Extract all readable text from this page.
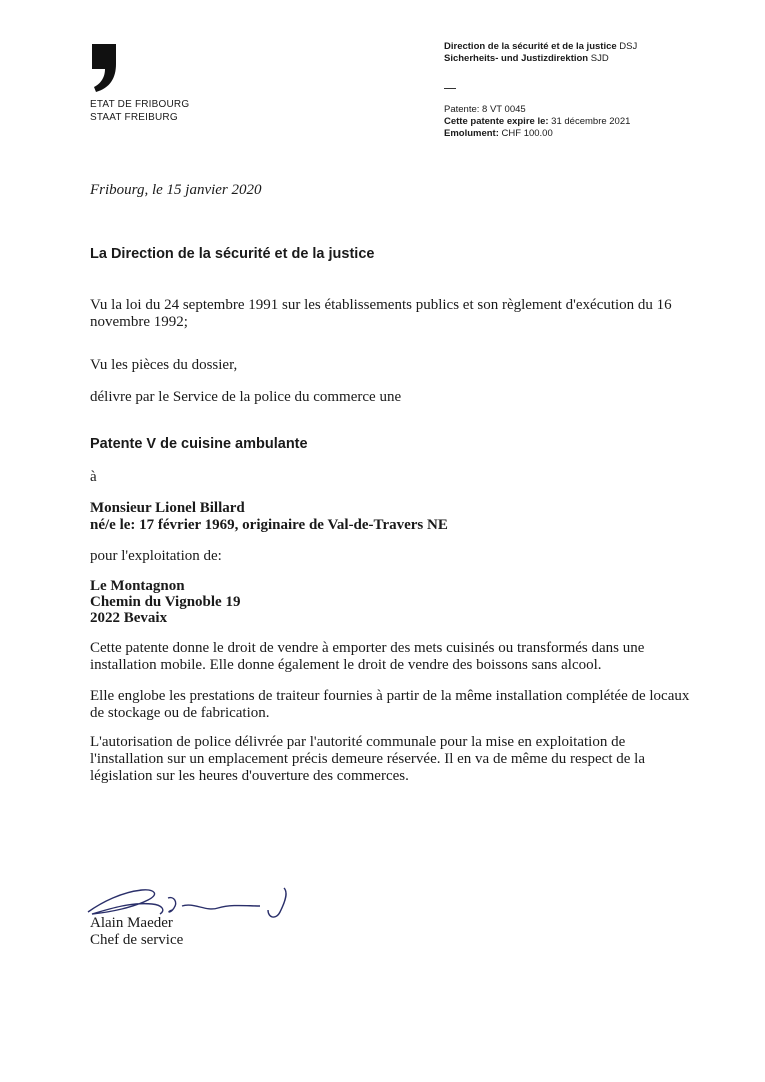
ETAT DE FRIBOURG
STAAT FREIBURG
Direction de la sécurité et de la justice DSJ
Sicherheits- und Justizdirektion SJD
Patente: 8 VT 0045
Cette patente expire le: 31 décembre 2021
Emolument: CHF 100.00
Fribourg, le 15 janvier 2020
La Direction de la sécurité et de la justice
Vu la loi du 24 septembre 1991 sur les établissements publics et son règlement d'exécution du 16 novembre 1992;
Vu les pièces du dossier,
délivre par le Service de la police du commerce une
Patente V de cuisine ambulante
à
Monsieur Lionel Billard
né/e le: 17 février 1969, originaire de Val-de-Travers NE
pour l'exploitation de:
Le Montagnon
Chemin du Vignoble 19
2022 Bevaix
Cette patente donne le droit de vendre à emporter des mets cuisinés ou transformés dans une installation mobile. Elle donne également le droit de vendre des boissons sans alcool.
Elle englobe les prestations de traiteur fournies à partir de la même installation complétée de locaux de stockage ou de fabrication.
L'autorisation de police délivrée par l'autorité communale pour la mise en exploitation de l'installation sur un emplacement précis demeure réservée. Il en va de même du respect de la législation sur les heures d'ouverture des commerces.
Alain Maeder
Chef de service
